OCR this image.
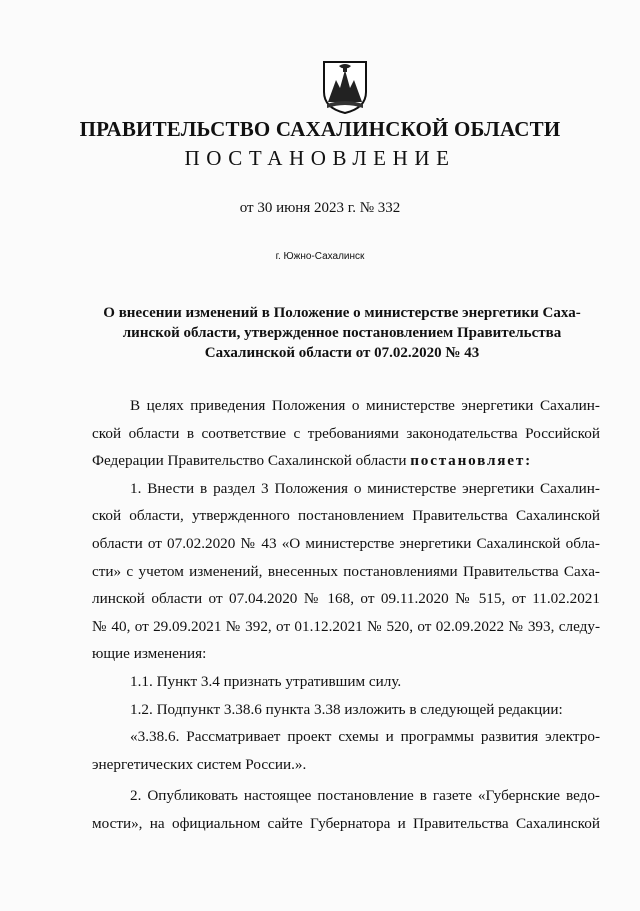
ПРАВИТЕЛЬСТВО САХАЛИНСКОЙ ОБЛАСТИ
ПОСТАНОВЛЕНИЕ
от 30 июня 2023 г. № 332
г. Южно-Сахалинск
О внесении изменений в Положение о министерстве энергетики Саха-
линской области, утвержденное постановлением Правительства
Сахалинской области от 07.02.2020 № 43
В целях приведения Положения о министерстве энергетики Сахалин-
ской области в соответствие с требованиями законодательства Российской
Федерации Правительство Сахалинской области постановляет:
1. Внести в раздел 3 Положения о министерстве энергетики Сахалин-
ской области, утвержденного постановлением Правительства Сахалинской
области от 07.02.2020 № 43 «О министерстве энергетики Сахалинской обла-
сти» с учетом изменений, внесенных постановлениями Правительства Саха-
линской области от 07.04.2020 № 168, от 09.11.2020 № 515, от 11.02.2021
№ 40, от 29.09.2021 № 392, от 01.12.2021 № 520, от 02.09.2022 № 393, следу-
ющие изменения:
1.1. Пункт 3.4 признать утратившим силу.
1.2. Подпункт 3.38.6 пункта 3.38 изложить в следующей редакции:
«3.38.6. Рассматривает проект схемы и программы развития электро-
энергетических систем России.».
2. Опубликовать настоящее постановление в газете «Губернские ведо-
мости», на официальном сайте Губернатора и Правительства Сахалинской
